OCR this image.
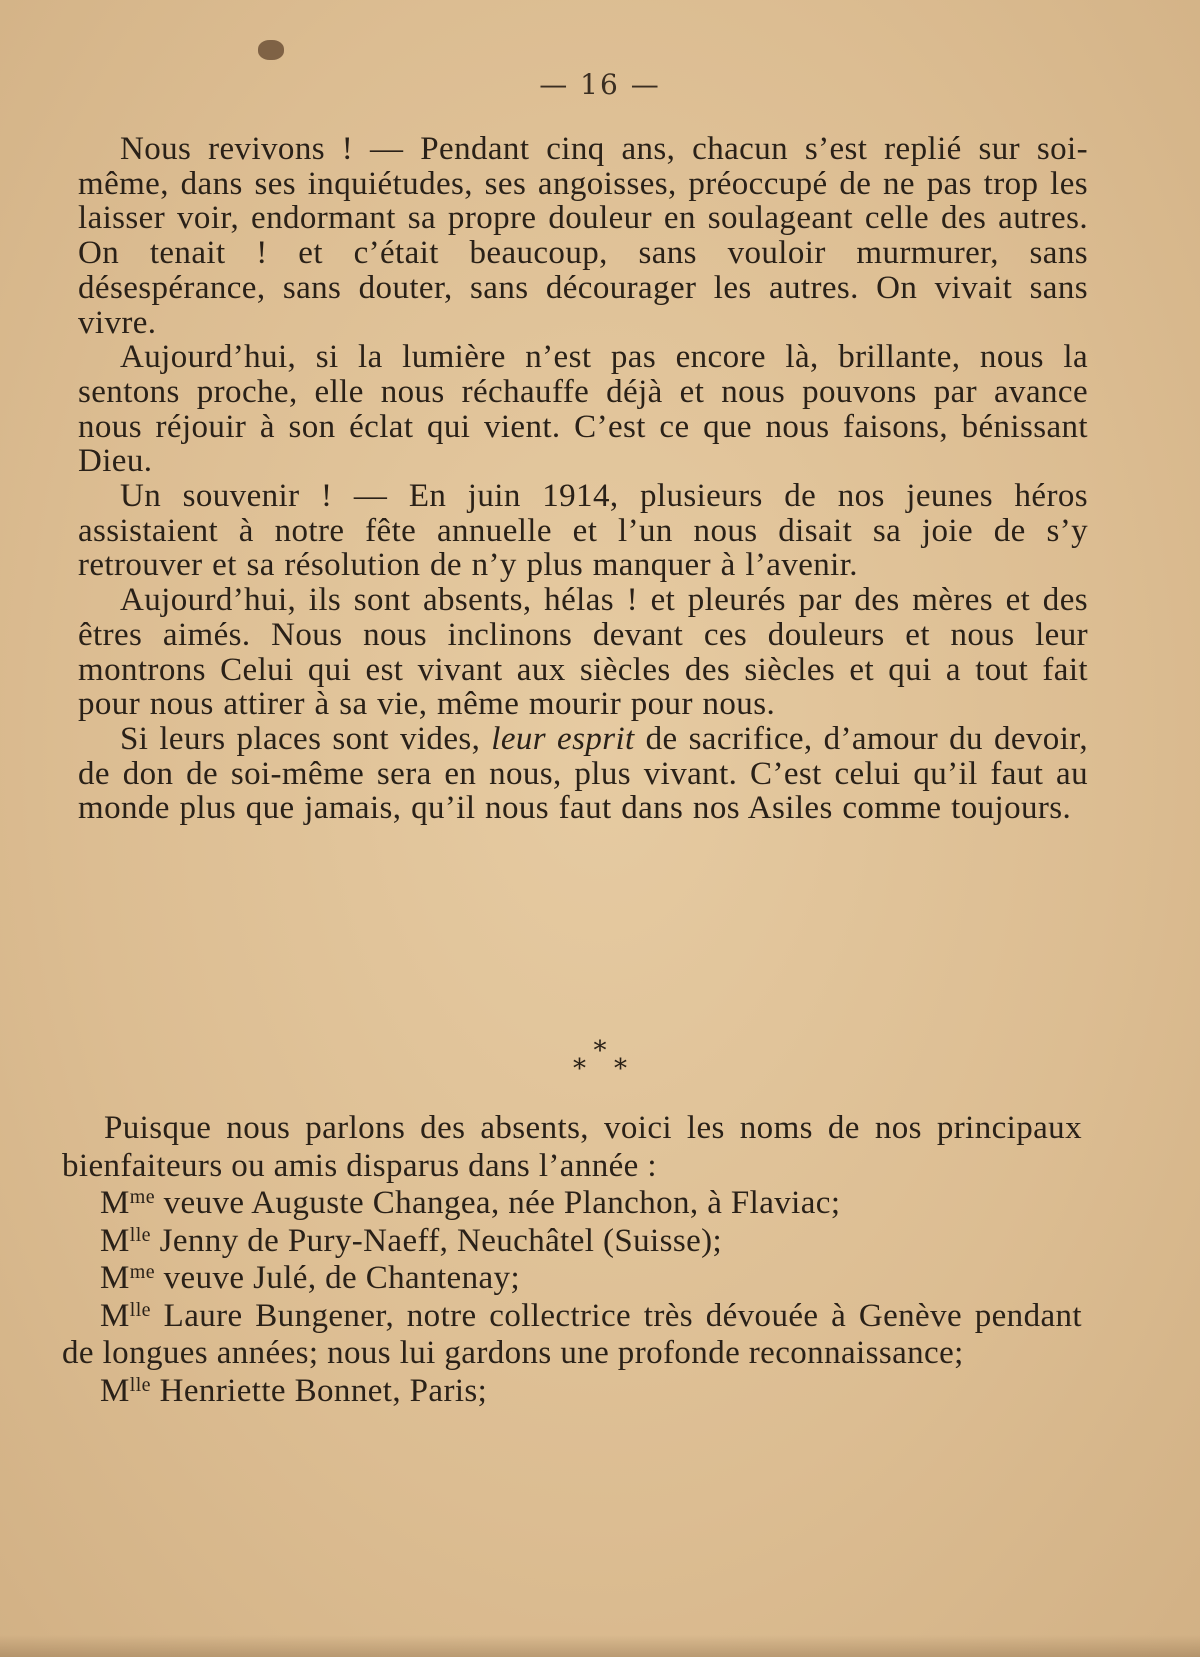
— 16 —

Nous revivons ! — Pendant cinq ans, chacun s’est replié sur soi-même, dans ses inquiétudes, ses angoisses, préoccupé de ne pas trop les laisser voir, endormant sa propre douleur en soulageant celle des autres. On tenait ! et c’était beaucoup, sans vouloir murmurer, sans désespérance, sans douter, sans décourager les autres. On vivait sans vivre.

Aujourd’hui, si la lumière n’est pas encore là, brillante, nous la sentons proche, elle nous réchauffe déjà et nous pouvons par avance nous réjouir à son éclat qui vient. C’est ce que nous faisons, bénissant Dieu.

Un souvenir ! — En juin 1914, plusieurs de nos jeunes héros assistaient à notre fête annuelle et l’un nous disait sa joie de s’y retrouver et sa résolution de n’y plus manquer à l’avenir.

Aujourd’hui, ils sont absents, hélas ! et pleurés par des mères et des êtres aimés. Nous nous inclinons devant ces douleurs et nous leur montrons Celui qui est vivant aux siècles des siècles et qui a tout fait pour nous attirer à sa vie, même mourir pour nous.

Si leurs places sont vides, leur esprit de sacrifice, d’amour du devoir, de don de soi-même sera en nous, plus vivant. C’est celui qu’il faut au monde plus que jamais, qu’il nous faut dans nos Asiles comme toujours.

*
* *

Puisque nous parlons des absents, voici les noms de nos principaux bienfaiteurs ou amis disparus dans l’année :

$M^{me}$ veuve Auguste Changea, née Planchon, à Flaviac;

$M^{lle}$ Jenny de Pury-Naeff, Neuchâtel (Suisse);

$M^{me}$ veuve Julé, de Chantenay;

$M^{lle}$ Laure Bungener, notre collectrice très dévouée à Genève pendant de longues années; nous lui gardons une profonde reconnaissance;

$M^{lle}$ Henriette Bonnet, Paris;
